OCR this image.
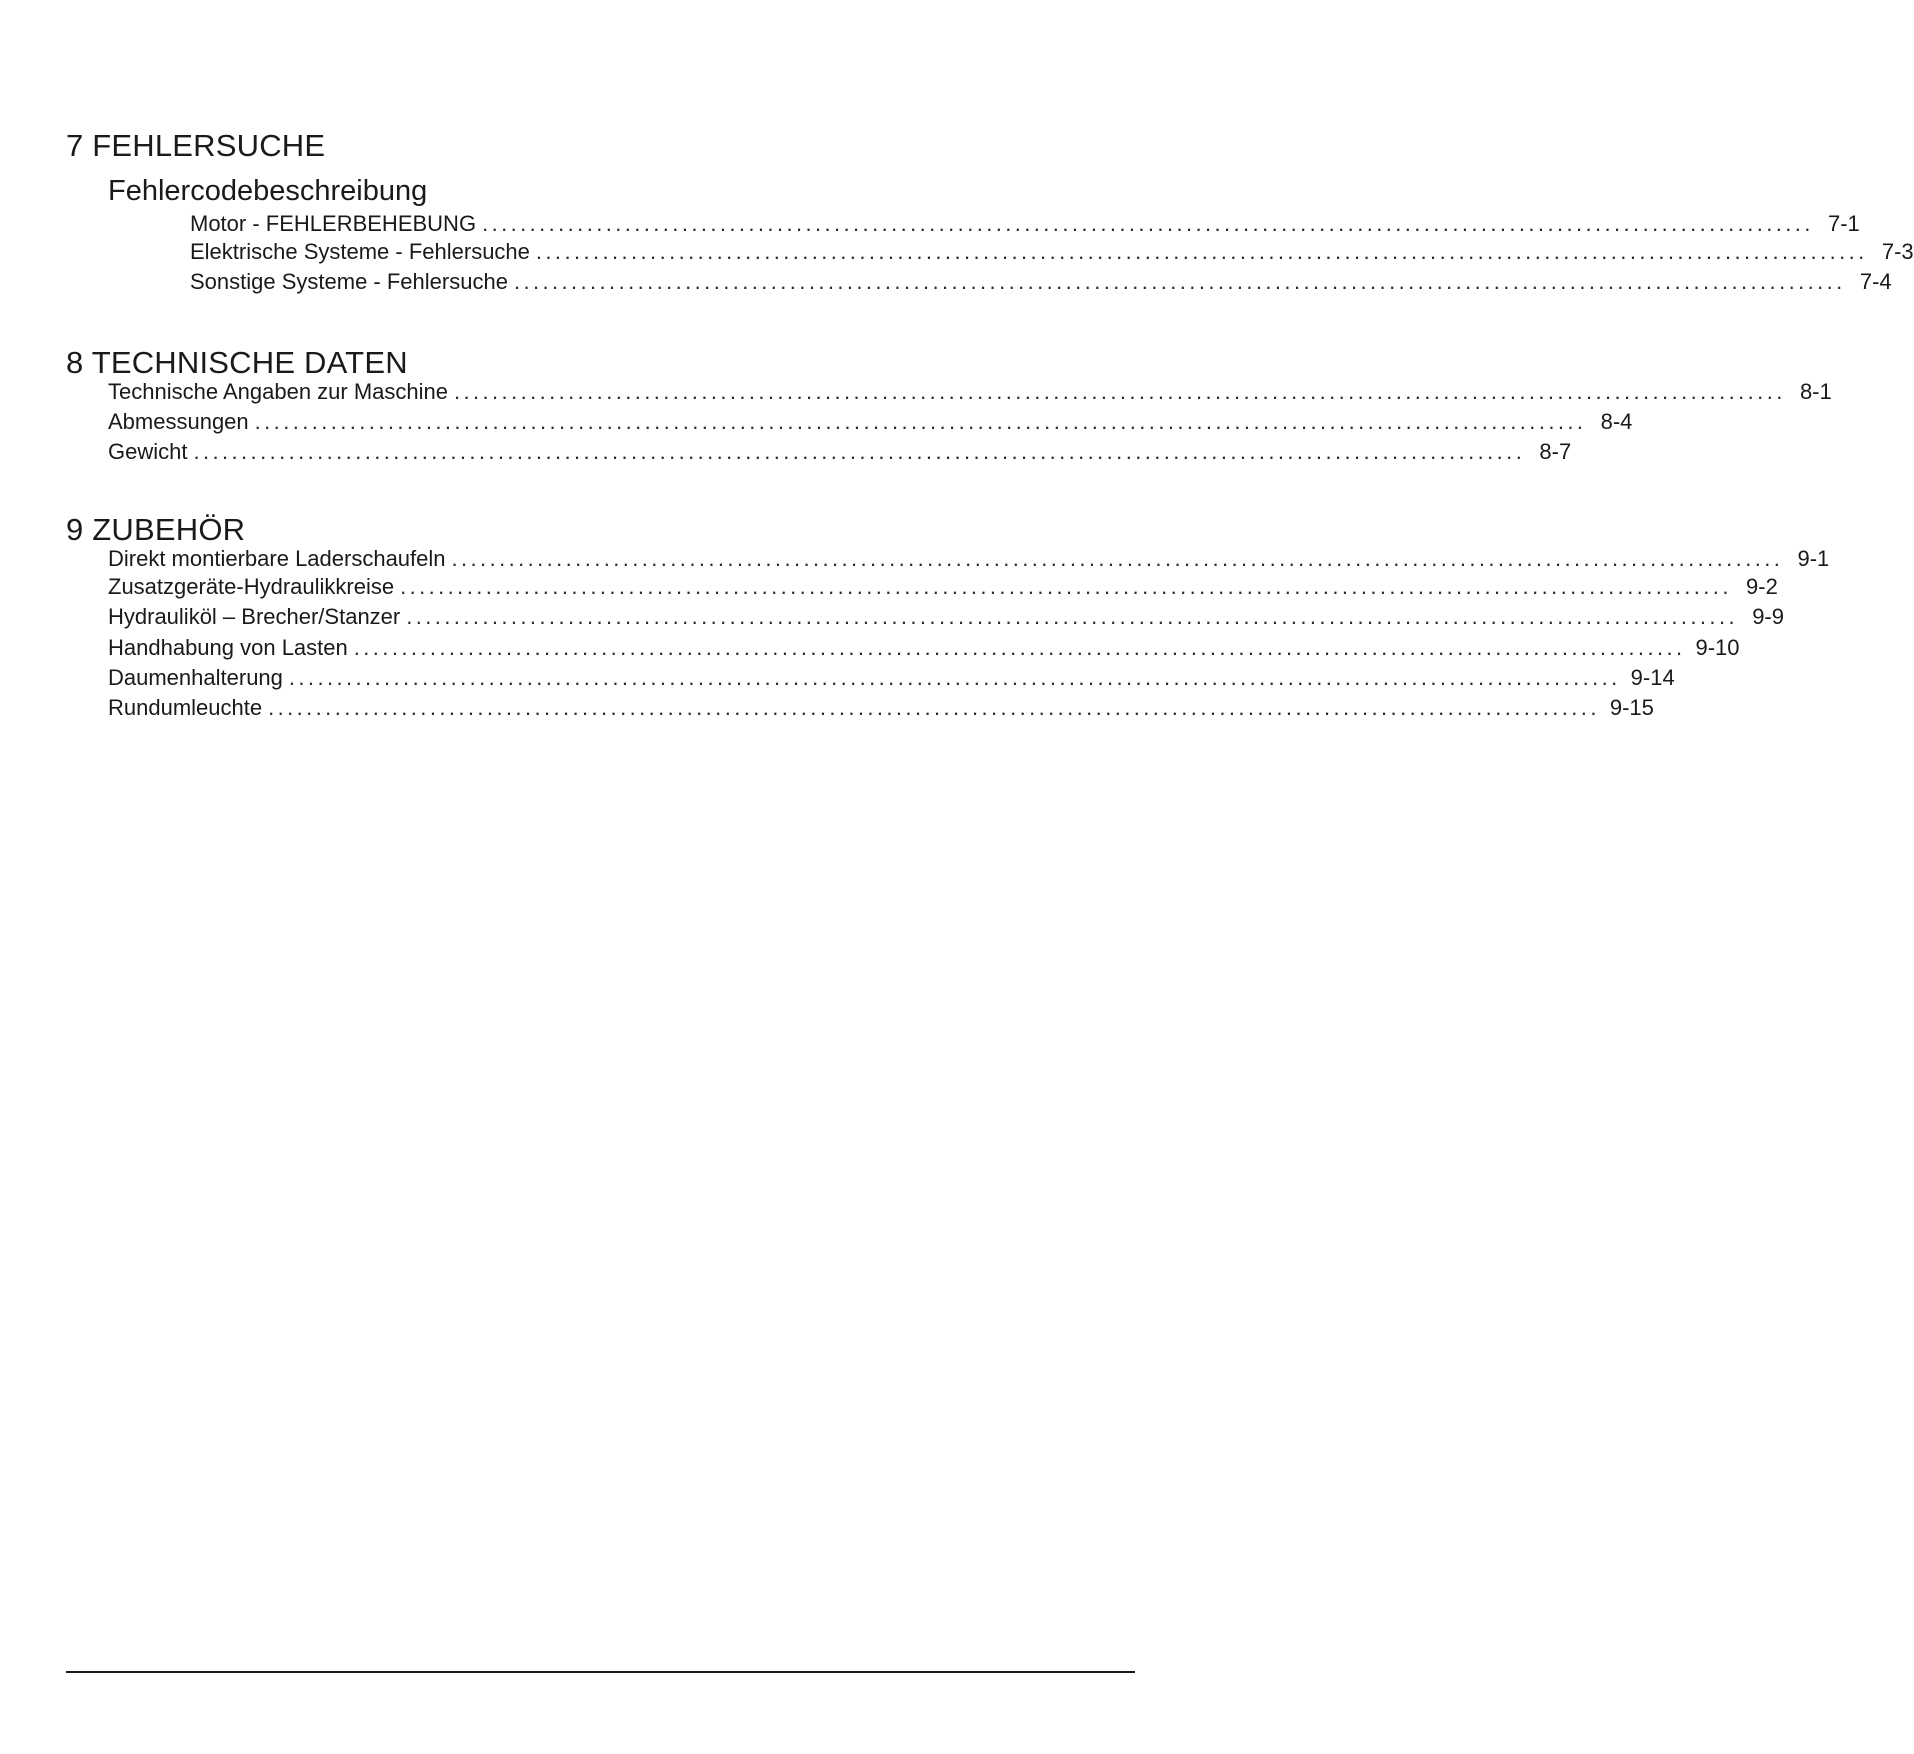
7 FEHLERSUCHE
Fehlercodebeschreibung
Motor - FEHLERBEHEBUNG ............................................................................................................................................ 7-1
Elektrische Systeme - Fehlersuche ............................................................................................................................................ 7-3
Sonstige Systeme - Fehlersuche ............................................................................................................................................ 7-4
8 TECHNISCHE DATEN
Technische Angaben zur Maschine ............................................................................................................................................ 8-1
Abmessungen ............................................................................................................................................ 8-4
Gewicht ............................................................................................................................................ 8-7
9 ZUBEHÖR
Direkt montierbare Laderschaufeln ............................................................................................................................................ 9-1
Zusatzgeräte-Hydraulikkreise ............................................................................................................................................ 9-2
Hydrauliköl – Brecher/Stanzer ............................................................................................................................................ 9-9
Handhabung von Lasten ............................................................................................................................................ 9-10
Daumenhalterung ............................................................................................................................................ 9-14
Rundumleuchte ............................................................................................................................................ 9-15
